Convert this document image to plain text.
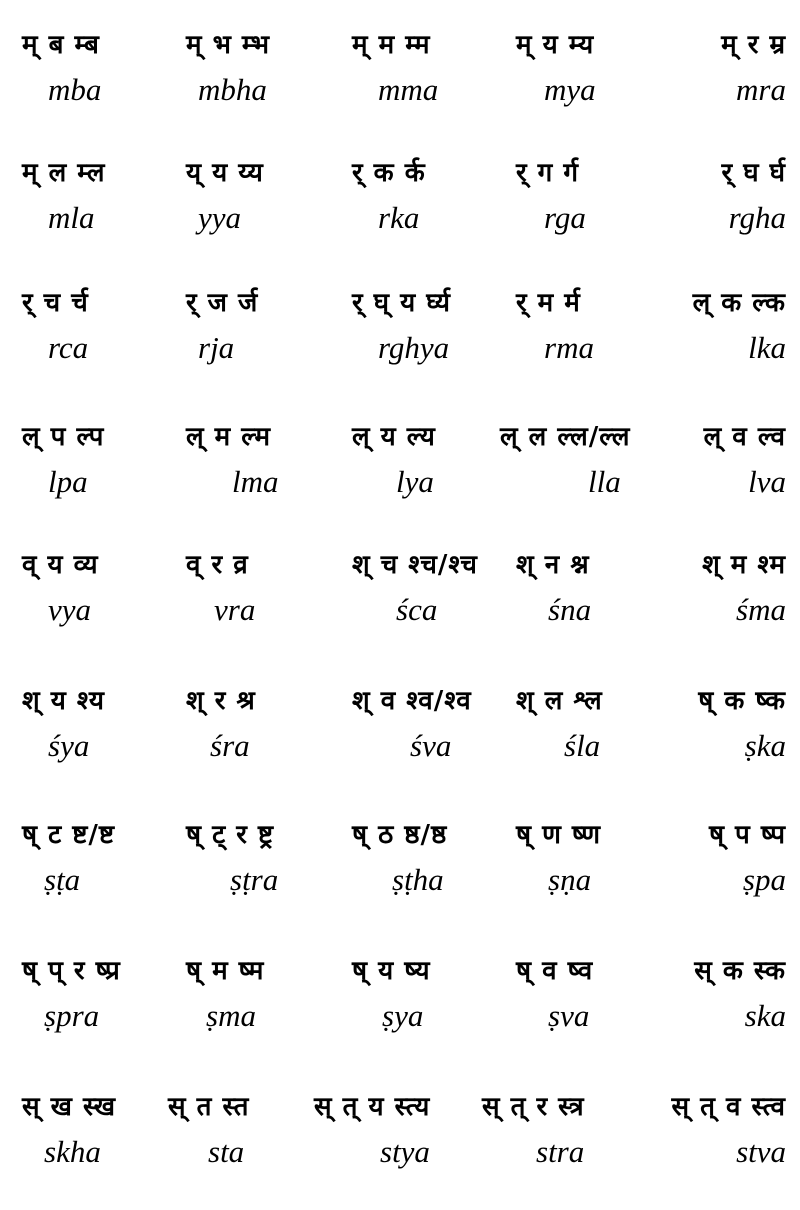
म् ब म्ब
mba
म् भ म्भ
mbha
म् म म्म
mma
म् य म्य
mya
म् र म्र
mra
म् ल म्ल
mla
य् य य्य
yya
र् क र्क
rka
र् ग र्ग
rga
र् घ र्घ
rgha
र् च र्च
rca
र् ज र्ज
rja
र् घ् य र्घ्य
rghya
र् म र्म
rma
ल् क ल्क
lka
ल् प ल्प
lpa
ल् म ल्म
lma
ल् य ल्य
lya
ल् ल ल्ल/ल्ल
lla
ल् व ल्व
lva
व् य व्य
vya
व् र व्र
vra
श् च श्च/श्च
śca
श् न श्न
śna
श् म श्म
śma
श् य श्य
śya
श् र श्र
śra
श् व श्व/श्व
śva
श् ल श्ल
śla
ष् क ष्क
ṣka
ष् ट ष्ट/ष्ट
ṣṭa
ष् ट् र ष्ट्र
ṣṭra
ष् ठ ष्ठ/ष्ठ
ṣṭha
ष् ण ष्ण
ṣṇa
ष् प ष्प
ṣpa
ष् प् र ष्प्र
ṣpra
ष् म ष्म
ṣma
ष् य ष्य
ṣya
ष् व ष्व
ṣva
स् क स्क
ska
स् ख स्ख
skha
स् त स्त
sta
स् त् य स्त्य
stya
स् त् र स्त्र
stra
स् त् व स्त्व
stva
